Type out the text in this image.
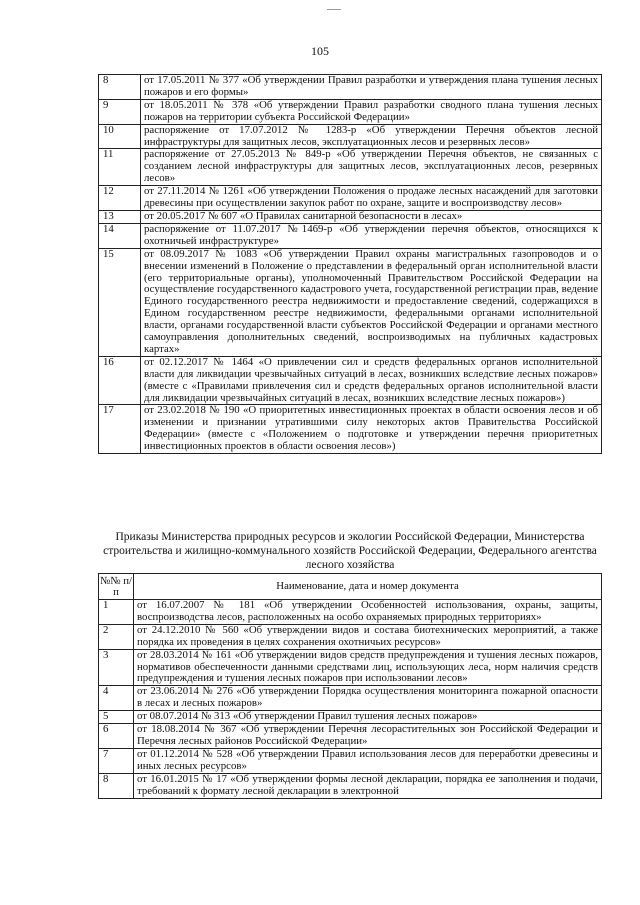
105
8	от 17.05.2011 № 377 «Об утверждении Правил разработки и утверждения плана тушения лесных пожаров и его формы»
9	от 18.05.2011 № 378 «Об утверждении Правил разработки сводного плана тушения лесных пожаров на территории субъекта Российской Федерации»
10	распоряжение от 17.07.2012 № 1283-р «Об утверждении Перечня объектов лесной инфраструктуры для защитных лесов, эксплуатационных лесов и резервных лесов»
11	распоряжение от 27.05.2013 № 849-р «Об утверждении Перечня объектов, не связанных с созданием лесной инфраструктуры для защитных лесов, эксплуатационных лесов, резервных лесов»
12	от 27.11.2014 № 1261 «Об утверждении Положения о продаже лесных насаждений для заготовки древесины при осуществлении закупок работ по охране, защите и воспроизводству лесов»
13	от 20.05.2017 № 607 «О Правилах санитарной безопасности в лесах»
14	распоряжение от 11.07.2017 №1469-р «Об утверждении перечня объектов, относящихся к охотничьей инфраструктуре»
15	от 08.09.2017 № 1083 «Об утверждении Правил охраны магистральных газопроводов и о внесении изменений в Положение о представлении в федеральный орган исполнительной власти (его территориальные органы), уполномоченный Правительством Российской Федерации на осуществление государственного кадастрового учета, государственной регистрации прав, ведение Единого государственного реестра недвижимости и предоставление сведений, содержащихся в Едином государственном реестре недвижимости, федеральными органами исполнительной власти, органами государственной власти субъектов Российской Федерации и органами местного самоуправления дополнительных сведений, воспроизводимых на публичных кадастровых картах»
16	от 02.12.2017 № 1464 «О привлечении сил и средств федеральных органов исполнительной власти для ликвидации чрезвычайных ситуаций в лесах, возникших вследствие лесных пожаров» (вместе с «Правилами привлечения сил и средств федеральных органов исполнительной власти для ликвидации чрезвычайных ситуаций в лесах, возникших вследствие лесных пожаров»)
17	от 23.02.2018 № 190 «О приоритетных инвестиционных проектах в области освоения лесов и об изменении и признании утратившими силу некоторых актов Правительства Российской Федерации» (вместе с «Положением о подготовке и утверждении перечня приоритетных инвестиционных проектов в области освоения лесов»)
Приказы Министерства природных ресурсов и экологии Российской Федерации, Министерства строительства и жилищно-коммунального хозяйств Российской Федерации, Федерального агентства лесного хозяйства
№№ п/п	Наименование, дата и номер документа
1	от 16.07.2007 № 181 «Об утверждении Особенностей использования, охраны, защиты, воспроизводства лесов, расположенных на особо охраняемых природных территориях»
2	от 24.12.2010 № 560 «Об утверждении видов и состава биотехнических мероприятий, а также порядка их проведения в целях сохранения охотничьих ресурсов»
3	от 28.03.2014 № 161 «Об утверждении видов средств предупреждения и тушения лесных пожаров, нормативов обеспеченности данными средствами лиц, использующих леса, норм наличия средств предупреждения и тушения лесных пожаров при использовании лесов»
4	от 23.06.2014 № 276 «Об утверждении Порядка осуществления мониторинга пожарной опасности в лесах и лесных пожаров»
5	от 08.07.2014 № 313 «Об утверждении Правил тушения лесных пожаров»
6	от 18.08.2014 № 367 «Об утверждении Перечня лесорастительных зон Российской Федерации и Перечня лесных районов Российской Федерации»
7	от 01.12.2014 № 528 «Об утверждении Правил использования лесов для переработки древесины и иных лесных ресурсов»
8	от 16.01.2015 № 17 «Об утверждении формы лесной декларации, порядка ее заполнения и подачи, требований к формату лесной декларации в электронной
